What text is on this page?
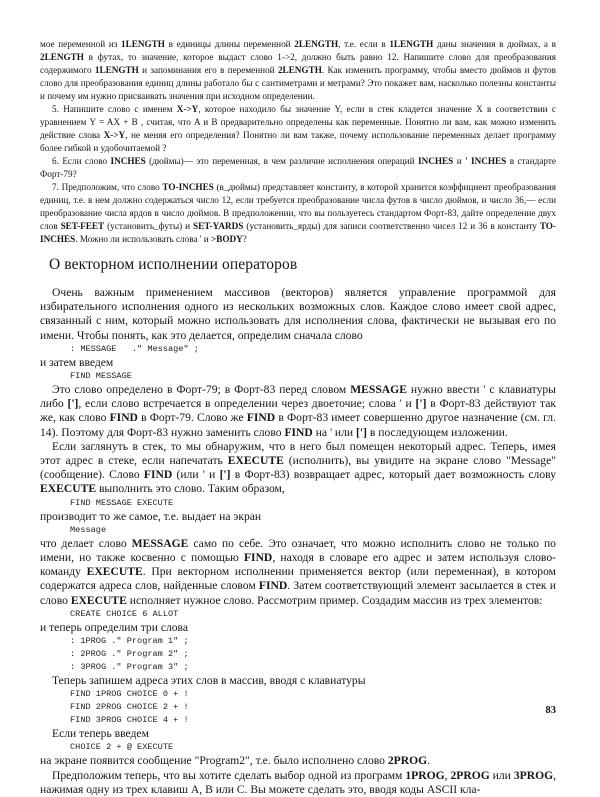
мое переменной из 1LENGTH в единицы длины переменной 2LENGTH, т.е. если в 1LENGTH даны значения в дюймах, а в 2LENGTH в футах, то значение, которое выдаст слово 1->2, должно быть равно 12. Напишите слово для преобразования содержимого 1LENGTH и запоминания его в переменной 2LENGTH. Как изменить программу, чтобы вместо дюймов и футов слово для преобразования единиц длины работало бы с сантиметрами и метрами? Это покажет вам, насколько полезны константы и почему им нужно присваивать значения при исходном определении.

5. Напишите слово с именем X->Y, которое находило бы значение Y, если в стек кладется значение X в соответствии с уравнением Y = AX + B , считая, что A и B предварительно определены как переменные. Понятно ли вам, как можно изменить действие слова X->Y, не меняя его определения? Понятно ли вам также, почему использование переменных делает программу более гибкой и удобочитаемой ?

6. Если слово INCHES (дюймы)— это переменная, в чем различие исполнения операций INCHES и ' INCHES в стандарте Форт-79?

7. Предположим, что слово TO-INCHES (в_дюймы) представляет константу, в которой хранится коэффициент преобразования единиц, т.е. в нем должно содержаться число 12, если требуется преобразование числа футов в число дюймов, и число 36,— если преобразование числа ярдов в число дюймов. В предположении, что вы пользуетесь стандартом Форт-83, дайте определение двух слов SET-FEET (установить_футы) и SET-YARDS (установить_ярды) для записи соответственно чисел 12 и 36 в константу TO-INCHES. Можно ли использовать слова ' и >BODY?

О векторном исполнении операторов

Очень важным применением массивов (векторов) является управление программой для избирательного исполнения одного из нескольких возможных слов. Каждое слово имеет свой адрес, связанный с ним, который можно использовать для исполнения слова, фактически не вызывая его по имени. Чтобы понять, как это делается, определим сначала слово

: MESSAGE   ." Message" ;

и затем введем

FIND MESSAGE

Это слово определено в Форт-79; в Форт-83 перед словом MESSAGE нужно ввести ' с клавиатуры либо ['], если слово встречается в определении через двоеточие; слова ' и ['] в Форт-83 действуют так же, как слово FIND в Форт-79. Слово же FIND в Форт-83 имеет совершенно другое назначение (см. гл. 14). Поэтому для Форт-83 нужно заменить слово FIND на ' или ['] в последующем изложении.

Если заглянуть в стек, то мы обнаружим, что в него был помещен некоторый адрес. Теперь, имея этот адрес в стеке, если напечатать EXECUTE (исполнить), вы увидите на экране слово "Message" (сообщение). Слово FIND (или ' и ['] в Форт-83) возвращает адрес, который дает возможность слову EXECUTE выполнить это слово. Таким образом,

FIND MESSAGE EXECUTE

производит то же самое, т.е. выдает на экран

Message

что делает слово MESSAGE само по себе. Это означает, что можно исполнить слово не только по имени, но также косвенно с помощью FIND, находя в словаре его адрес и затем используя слово-команду EXECUTE. При векторном исполнении применяется вектор (или переменная), в котором содержатся адреса слов, найденные словом FIND. Затем соответствующий элемент засылается в стек и слово EXECUTE исполняет нужное слово. Рассмотрим пример. Создадим массив из трех элементов:

CREATE CHOICE 6 ALLOT

и теперь определим три слова

: 1PROG ." Program 1" ;
: 2PROG ." Program 2" ;
: 3PROG ." Program 3" ;

Теперь запишем адреса этих слов в массив, вводя с клавиатуры

FIND 1PROG CHOICE 0 + !
FIND 2PROG CHOICE 2 + !
FIND 3PROG CHOICE 4 + !

Если теперь введем

CHOICE 2 + @ EXECUTE

на экране появится сообщение "Program2", т.е. было исполнено слово 2PROG.

Предположим теперь, что вы хотите сделать выбор одной из программ 1PROG, 2PROG или 3PROG, нажимая одну из трех клавиш A, B или C. Вы можете сделать это, вводя коды ASCII кла-

83
